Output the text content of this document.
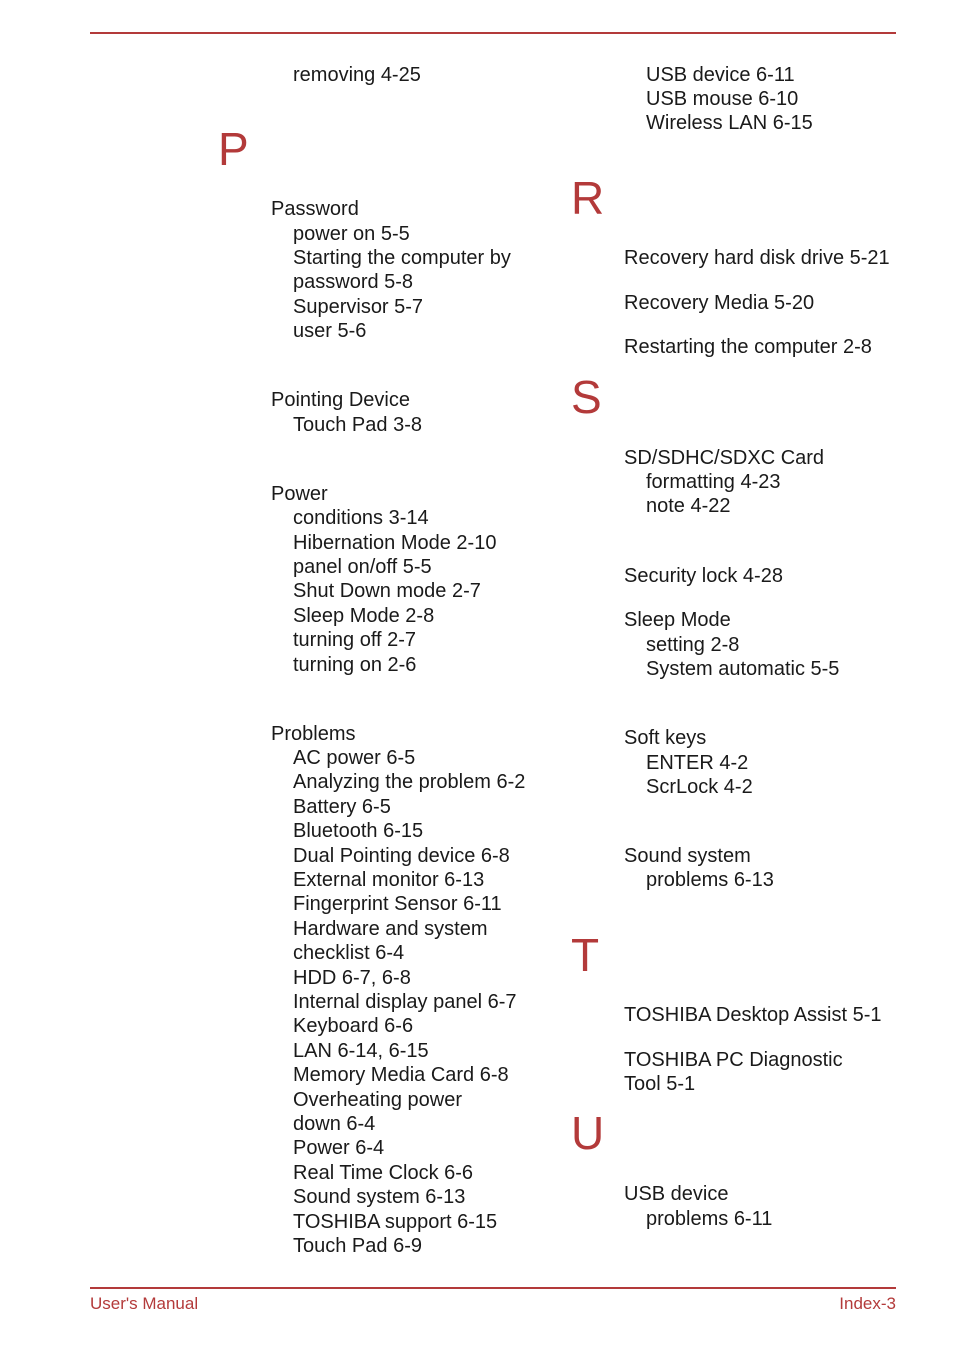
removing 4-25
P
Password
power on 5-5
Starting the computer by
password 5-8
Supervisor 5-7
user 5-6
Pointing Device
Touch Pad 3-8
Power
conditions 3-14
Hibernation Mode 2-10
panel on/off 5-5
Shut Down mode 2-7
Sleep Mode 2-8
turning off 2-7
turning on 2-6
Problems
AC power 6-5
Analyzing the problem 6-2
Battery 6-5
Bluetooth 6-15
Dual Pointing device 6-8
External monitor 6-13
Fingerprint Sensor 6-11
Hardware and system
checklist 6-4
HDD 6-7, 6-8
Internal display panel 6-7
Keyboard 6-6
LAN 6-14, 6-15
Memory Media Card 6-8
Overheating power
down 6-4
Power 6-4
Real Time Clock 6-6
Sound system 6-13
TOSHIBA support 6-15
Touch Pad 6-9
USB device 6-11
USB mouse 6-10
Wireless LAN 6-15
R
Recovery hard disk drive 5-21
Recovery Media 5-20
Restarting the computer 2-8
S
SD/SDHC/SDXC Card
formatting 4-23
note 4-22
Security lock 4-28
Sleep Mode
setting 2-8
System automatic 5-5
Soft keys
ENTER 4-2
ScrLock 4-2
Sound system
problems 6-13
T
TOSHIBA Desktop Assist 5-1
TOSHIBA PC Diagnostic
Tool 5-1
U
USB device
problems 6-11
User's Manual	Index-3
